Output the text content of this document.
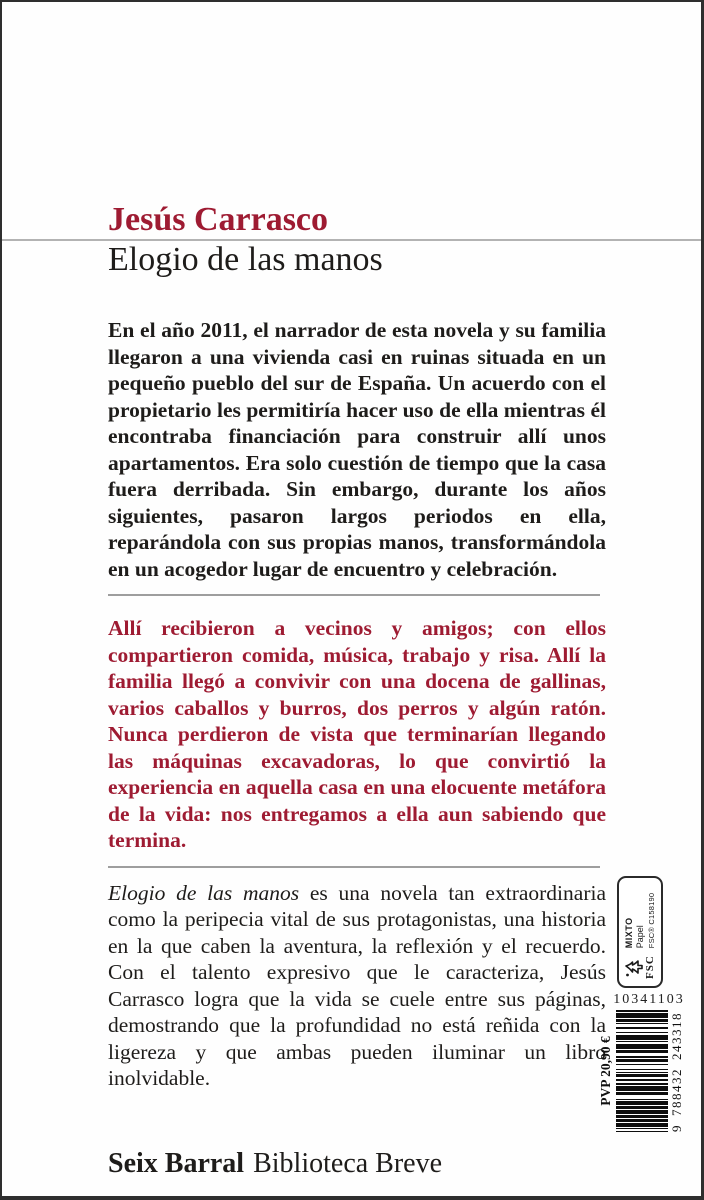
Jesús Carrasco
Elogio de las manos

En el año 2011, el narrador de esta novela y su familia llegaron a una vivienda casi en ruinas situada en un pequeño pueblo del sur de España. Un acuerdo con el propietario les permitiría hacer uso de ella mientras él encontraba financiación para construir allí unos apartamentos. Era solo cuestión de tiempo que la casa fuera derribada. Sin embargo, durante los años siguientes, pasaron largos periodos en ella, reparándola con sus propias manos, transformándola en un acogedor lugar de encuentro y celebración.

Allí recibieron a vecinos y amigos; con ellos compartieron comida, música, trabajo y risa. Allí la familia llegó a convivir con una docena de gallinas, varios caballos y burros, dos perros y algún ratón. Nunca perdieron de vista que terminarían llegando las máquinas excavadoras, lo que convirtió la experiencia en aquella casa en una elocuente metáfora de la vida: nos entregamos a ella aun sabiendo que termina.

Elogio de las manos es una novela tan extraordinaria como la peripecia vital de sus protagonistas, una historia en la que caben la aventura, la reflexión y el recuerdo. Con el talento expresivo que le caracteriza, Jesús Carrasco logra que la vida se cuele entre sus páginas, demostrando que la profundidad no está reñida con la ligereza y que ambas pueden iluminar un libro inolvidable.

Seix Barral Biblioteca Breve
FSC
MIXTO Papel FSC® C158190
10341103
PVP 20,90 €
9
788432
243318
